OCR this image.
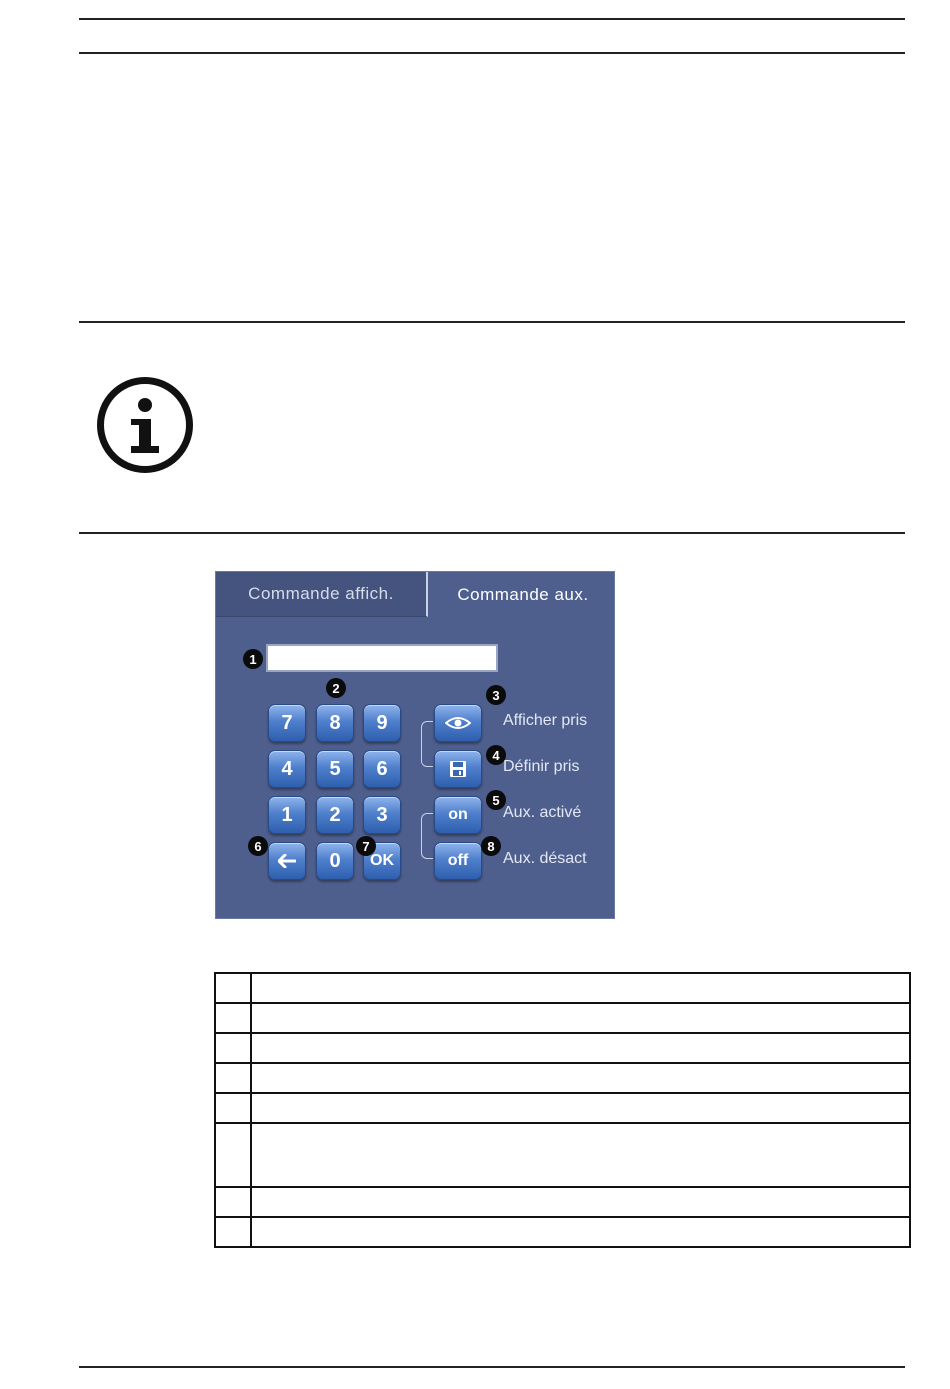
Commande affich.	Commande aux.
1
2
7	8	9
4	5	6
1	2	3
0	OK
6	7
on
off
3
4
5
8
Afficher pris
Définir pris
Aux. activé
Aux. désact
